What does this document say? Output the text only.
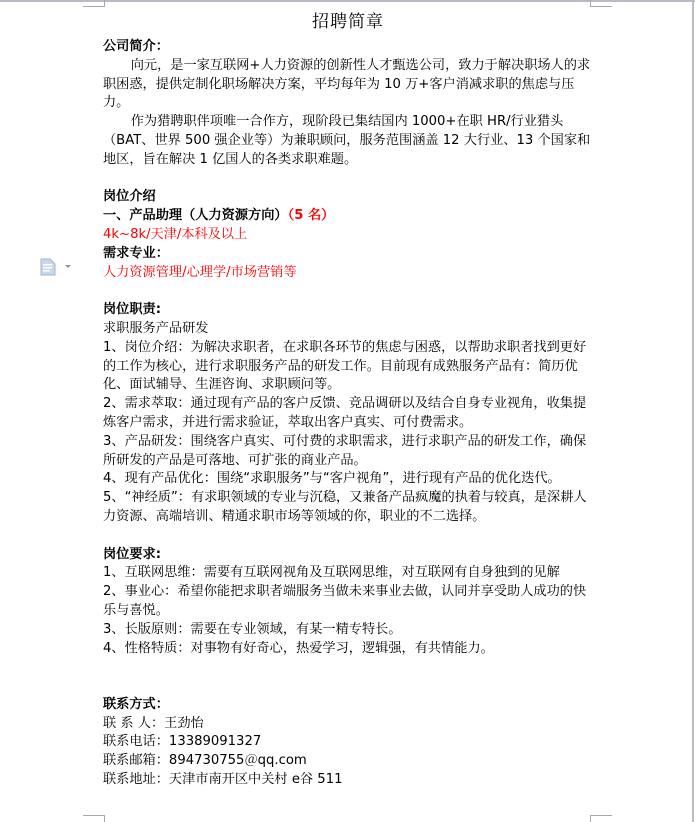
招聘简章
公司简介：
向元，是一家互联网+人力资源的创新性人才甄选公司，致力于解决职场人的求职困惑，提供定制化职场解决方案，平均每年为 10 万+客户消减求职的焦虑与压力。
作为猎聘职伴项唯一合作方，现阶段已集结国内 1000+在职 HR/行业猎头（BAT、世界 500 强企业等）为兼职顾问，服务范围涵盖 12 大行业、13 个国家和地区，旨在解决 1 亿国人的各类求职难题。
岗位介绍
一、产品助理（人力资源方向）（5 名）
4k~8k/天津/本科及以上
需求专业：
人力资源管理/心理学/市场营销等
岗位职责:
求职服务产品研发
1、岗位介绍：为解决求职者，在求职各环节的焦虑与困惑，以帮助求职者找到更好的工作为核心，进行求职服务产品的研发工作。目前现有成熟服务产品有：简历优化、面试辅导、生涯咨询、求职顾问等。
2、需求萃取：通过现有产品的客户反馈、竞品调研以及结合自身专业视角，收集提炼客户需求，并进行需求验证，萃取出客户真实、可付费需求。
3、产品研发：围绕客户真实、可付费的求职需求，进行求职产品的研发工作，确保所研发的产品是可落地、可扩张的商业产品。
4、现有产品优化：围绕“求职服务”与“客户视角”，进行现有产品的优化迭代。
5、“神经质”：有求职领域的专业与沉稳，又兼备产品疯魔的执着与较真，是深耕人力资源、高端培训、精通求职市场等领域的你，职业的不二选择。
岗位要求:
1、互联网思维：需要有互联网视角及互联网思维，对互联网有自身独到的见解
2、事业心：希望你能把求职者端服务当做未来事业去做，认同并享受助人成功的快乐与喜悦。
3、长版原则：需要在专业领域，有某一精专特长。
4、性格特质：对事物有好奇心，热爱学习，逻辑强，有共情能力。
联系方式：
联 系 人：王劲怡
联系电话：13389091327
联系邮箱：894730755＠qq.com
联系地址：天津市南开区中关村 e谷 511
